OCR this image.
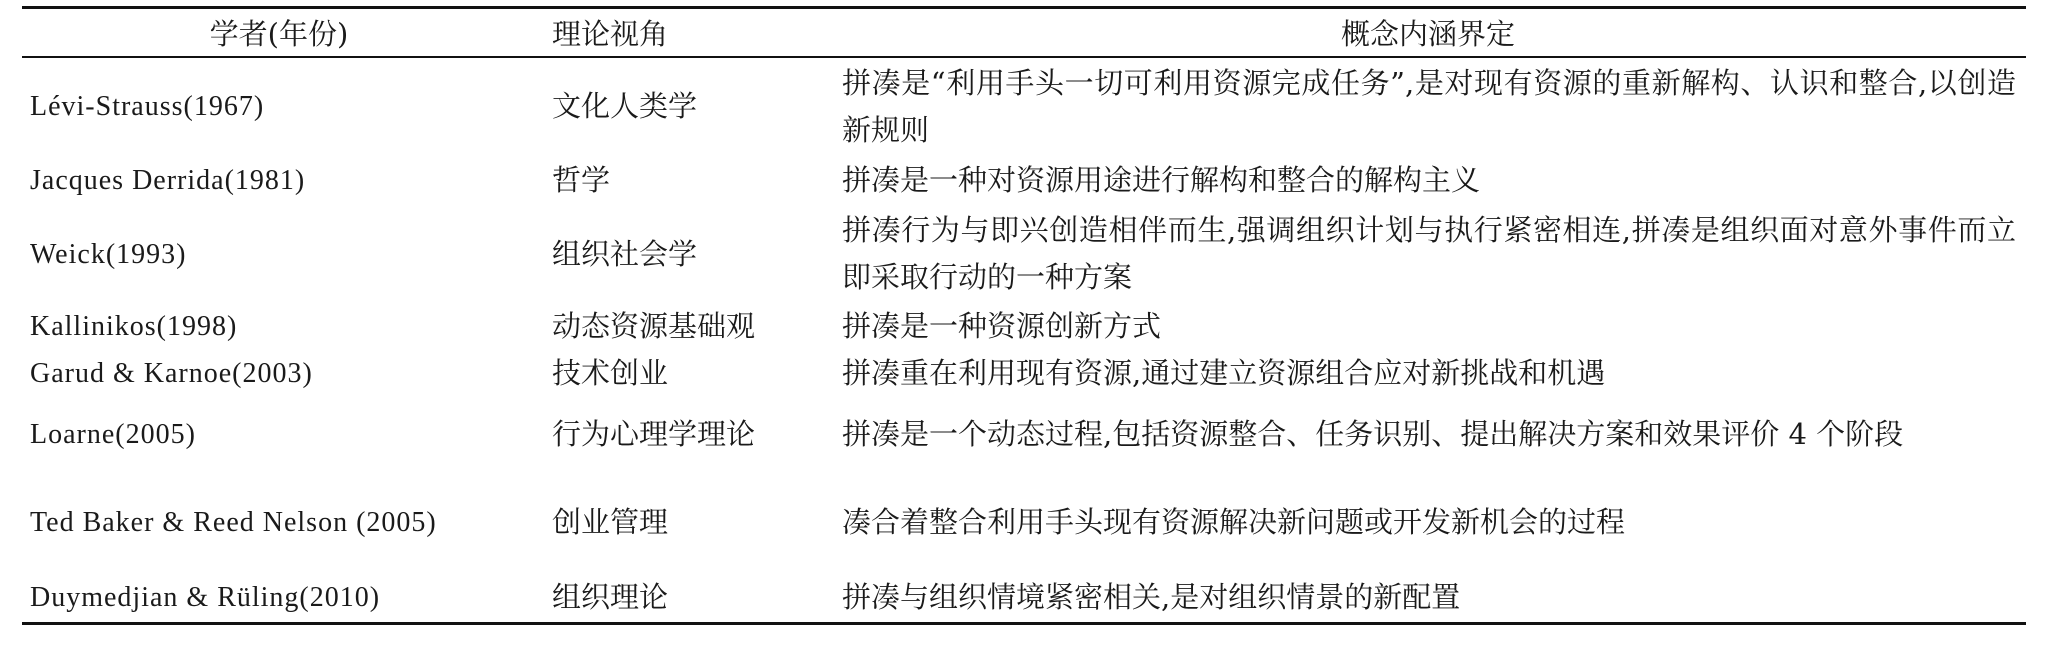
学者(年份)	理论视角	概念内涵界定
Lévi-Strauss(1967)	文化人类学	拼凑是“利用手头一切可利用资源完成任务”,是对现有资源的重新解构、认识和整合,以创造新规则
Jacques Derrida(1981)	哲学	拼凑是一种对资源用途进行解构和整合的解构主义
Weick(1993)	组织社会学	拼凑行为与即兴创造相伴而生,强调组织计划与执行紧密相连,拼凑是组织面对意外事件而立即采取行动的一种方案
Kallinikos(1998)	动态资源基础观	拼凑是一种资源创新方式
Garud & Karnoe(2003)	技术创业	拼凑重在利用现有资源,通过建立资源组合应对新挑战和机遇
Loarne(2005)	行为心理学理论	拼凑是一个动态过程,包括资源整合、任务识别、提出解决方案和效果评价 4 个阶段
Ted Baker & Reed Nelson (2005)	创业管理	凑合着整合利用手头现有资源解决新问题或开发新机会的过程
Duymedjian & Rüling(2010)	组织理论	拼凑与组织情境紧密相关,是对组织情景的新配置
